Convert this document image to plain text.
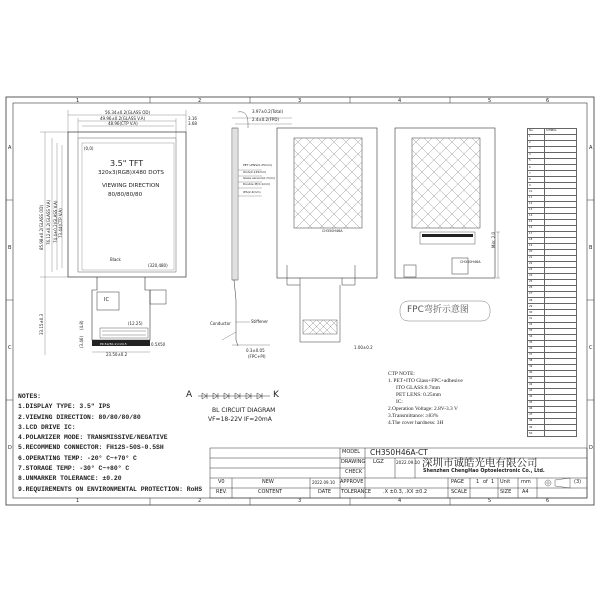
1	2	3	4	5	6
1	2	3	4	5	6
A
B
C
D
A
B
C
D
56.34±0.2(GLASS OD)
49.96±0.2(GLASS V.A)
48.96(CTP V.A)
3.16
3.68
(0,0)
3.5" TFT
320x3(RGB)X480 DOTS
VIEWING DIRECTION
80/80/80/80
Black
(320,480)
IC
(12.25)
P0.5x(50-1)=24.5
23.50±0.2
0.5X50
(4.8)
(3.46)
85.98±0.2(GLASS OD) 76.12±0.2(GLASS V.A) 74.4±0.2(GLASS V.A) 73.44(CTP V.A)
33.15±0.3
3.97±0.2(Total)
2.4±0.2(FPD)
PET LENS(0.25mm)
OCA(0.125mm)
Glass sensor(0.7mm)
Double PI(0.1mm)
IPS(2.4mm)
Conductor	Stiffener
0.3±0.05
(FPC+PI)
CH350H46A
CH350H46A
Min: 2.0
1.00±0.2
FPC弯折示意图
A	K
BL CIRCUIT DIAGRAM
VF=18-22V IF=20mA
CTP NOTE:
1. PET+ITO Glass+FPC+adhesive
ITO GLASS:0.7mm
PET LENS: 0.25mm
IC:
2.Operation Voltage: 2.8V-3.3 V
3.Transmittance: ≥83%
4.The cover hardness: 3H
NOTES:
1.DISPLAY TYPE: 3.5" IPS
2.VIEWING DIRECTION: 80/80/80/80
3.LCD DRIVE IC:
4.POLARIZER MODE: TRANSMISSIVE/NEGATIVE
5.RECOMMEND CONNECTOR: FH12S-50S-0.5SH
6.OPERATING TEMP: -20° C~+70° C
7.STORAGE TEMP: -30° C~+80° C
8.UNMARKER TOLERANCE: ±0.20
9.REQUIREMENTS ON ENVIRONMENTAL PROTECTION: RoHS
MODEL CH350H46A-CT
DRAWING LGZ	2022.09.10
CHECK
APPROVE
深圳市诚皓光电有限公司
Shenzhen ChengHao Optoelectronic Co., Ltd.
V0	NEW	2022.09.10
REV.	CONTENT	DATE TOLERANCE .X ±0.3, .XX ±0.2	SCALE
PAGE 1 of 1 Unit mm
SIZE A4
(3)
No.	SYMBOL
1	
2	
3	
4	
5	
6	
7	
8	
9	
10	
11	
12	
13	
14	
15	
16	
17	
18	
19	
20	
21	
22	
23	
24	
25	
26	
27	
28	
29	
30	
31	
32	
33	
34	
35	
36	
37	
38	
39	
40	
41	
42	
43	
44	
45	
46	
47	
48	
49	
50	
